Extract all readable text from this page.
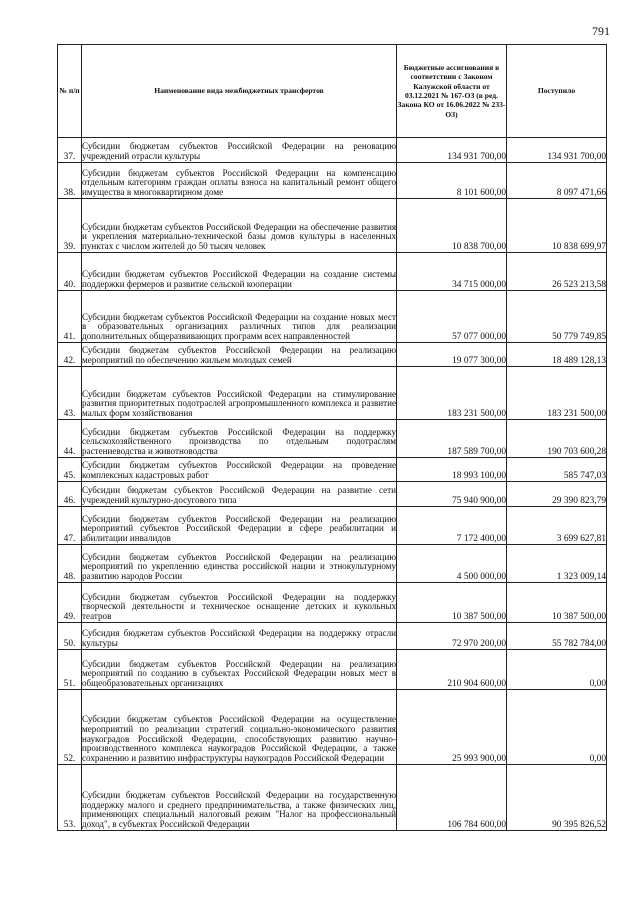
791
№ п/п	Наименование вида межбюджетных трансфертов	Бюджетные ассигнования в соответствии с Законом Калужской области от 03.12.2021 № 167-ОЗ (в ред. Закона КО от 16.06.2022 № 233-ОЗ)	Поступило
37.	Субсидии бюджетам субъектов Российской Федерации на реновацию учреждений отрасли культуры	134 931 700,00	134 931 700,00
38.	Субсидии бюджетам субъектов Российской Федерации на компенсацию отдельным категориям граждан оплаты взноса на капитальный ремонт общего имущества в многоквартирном доме	8 101 600,00	8 097 471,66
39.	Субсидии бюджетам субъектов Российской Федерации на обеспечение развития и укрепления материально-технической базы домов культуры в населенных пунктах с числом жителей до 50 тысяч человек	10 838 700,00	10 838 699,97
40.	Субсидии бюджетам субъектов Российской Федерации на создание системы поддержки фермеров и развитие сельской кооперации	34 715 000,00	26 523 213,58
41.	Субсидии бюджетам субъектов Российской Федерации на создание новых мест в образовательных организациях различных типов для реализации дополнительных общеразвивающих программ всех направленностей	57 077 000,00	50 779 749,85
42.	Субсидии бюджетам субъектов Российской Федерации на реализацию мероприятий по обеспечению жильем молодых семей	19 077 300,00	18 489 128,13
43.	Субсидии бюджетам субъектов Российской Федерации на стимулирование развития приоритетных подотраслей агропромышленного комплекса и развитие малых форм хозяйствования	183 231 500,00	183 231 500,00
44.	Субсидии бюджетам субъектов Российской Федерации на поддержку сельскохозяйственного производства по отдельным подотраслям растениеводства и животноводства	187 589 700,00	190 703 600,28
45.	Субсидии бюджетам субъектов Российской Федерации на проведение комплексных кадастровых работ	18 993 100,00	585 747,03
46.	Субсидии бюджетам субъектов Российской Федерации на развитие сети учреждений культурно-досугового типа	75 940 900,00	29 390 823,79
47.	Субсидии бюджетам субъектов Российской Федерации на реализацию мероприятий субъектов Российской Федерации в сфере реабилитации и абилитации инвалидов	7 172 400,00	3 699 627,81
48.	Субсидии бюджетам субъектов Российской Федерации на реализацию мероприятий по укреплению единства российской нации и этнокультурному развитию народов России	4 500 000,00	1 323 009,14
49.	Субсидии бюджетам субъектов Российской Федерации на поддержку творческой деятельности и техническое оснащение детских и кукольных театров	10 387 500,00	10 387 500,00
50.	Субсидия бюджетам субъектов Российской Федерации на поддержку отрасли культуры	72 970 200,00	55 782 784,00
51.	Субсидии бюджетам субъектов Российской Федерации на реализацию мероприятий по созданию в субъектах Российской Федерации новых мест в общеобразовательных организациях	210 904 600,00	0,00
52.	Субсидии бюджетам субъектов Российской Федерации на осуществление мероприятий по реализации стратегий социально-экономического развития наукоградов Российской Федерации, способствующих развитию научно-производственного комплекса наукоградов Российской Федерации, а также сохранению и развитию инфраструктуры наукоградов Российской Федерации	25 993 900,00	0,00
53.	Субсидии бюджетам субъектов Российской Федерации на государственную поддержку малого и среднего предпринимательства, а также физических лиц, применяющих специальный налоговый режим "Налог на профессиональный доход", в субъектах Российской Федерации	106 784 600,00	90 395 826,52
